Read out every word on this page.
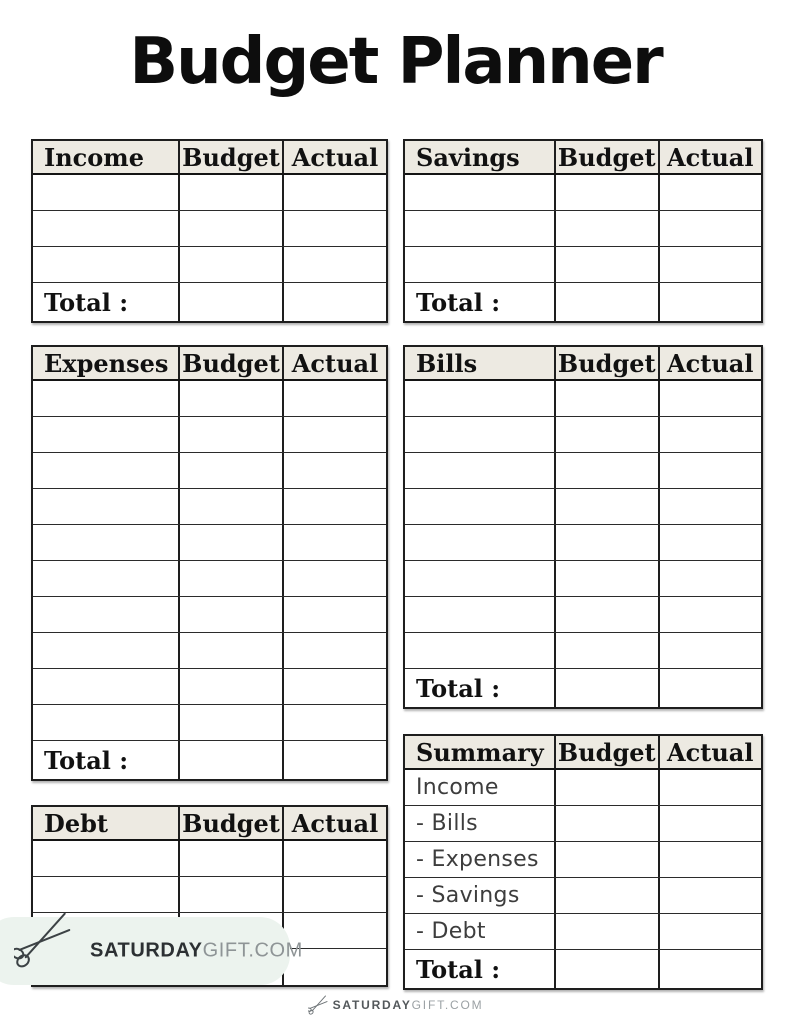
Budget Planner
Income	Budget Actual
Total :
Savings	Budget Actual
Total :
Expenses Budget Actual
Total :
Bills	Budget Actual
Total :
Summary Budget Actual
Income
- Bills
- Expenses
- Savings
- Debt
Total :
Debt	Budget Actual
SATURDAYGIFT.COM
SATURDAYGIFT.COM
